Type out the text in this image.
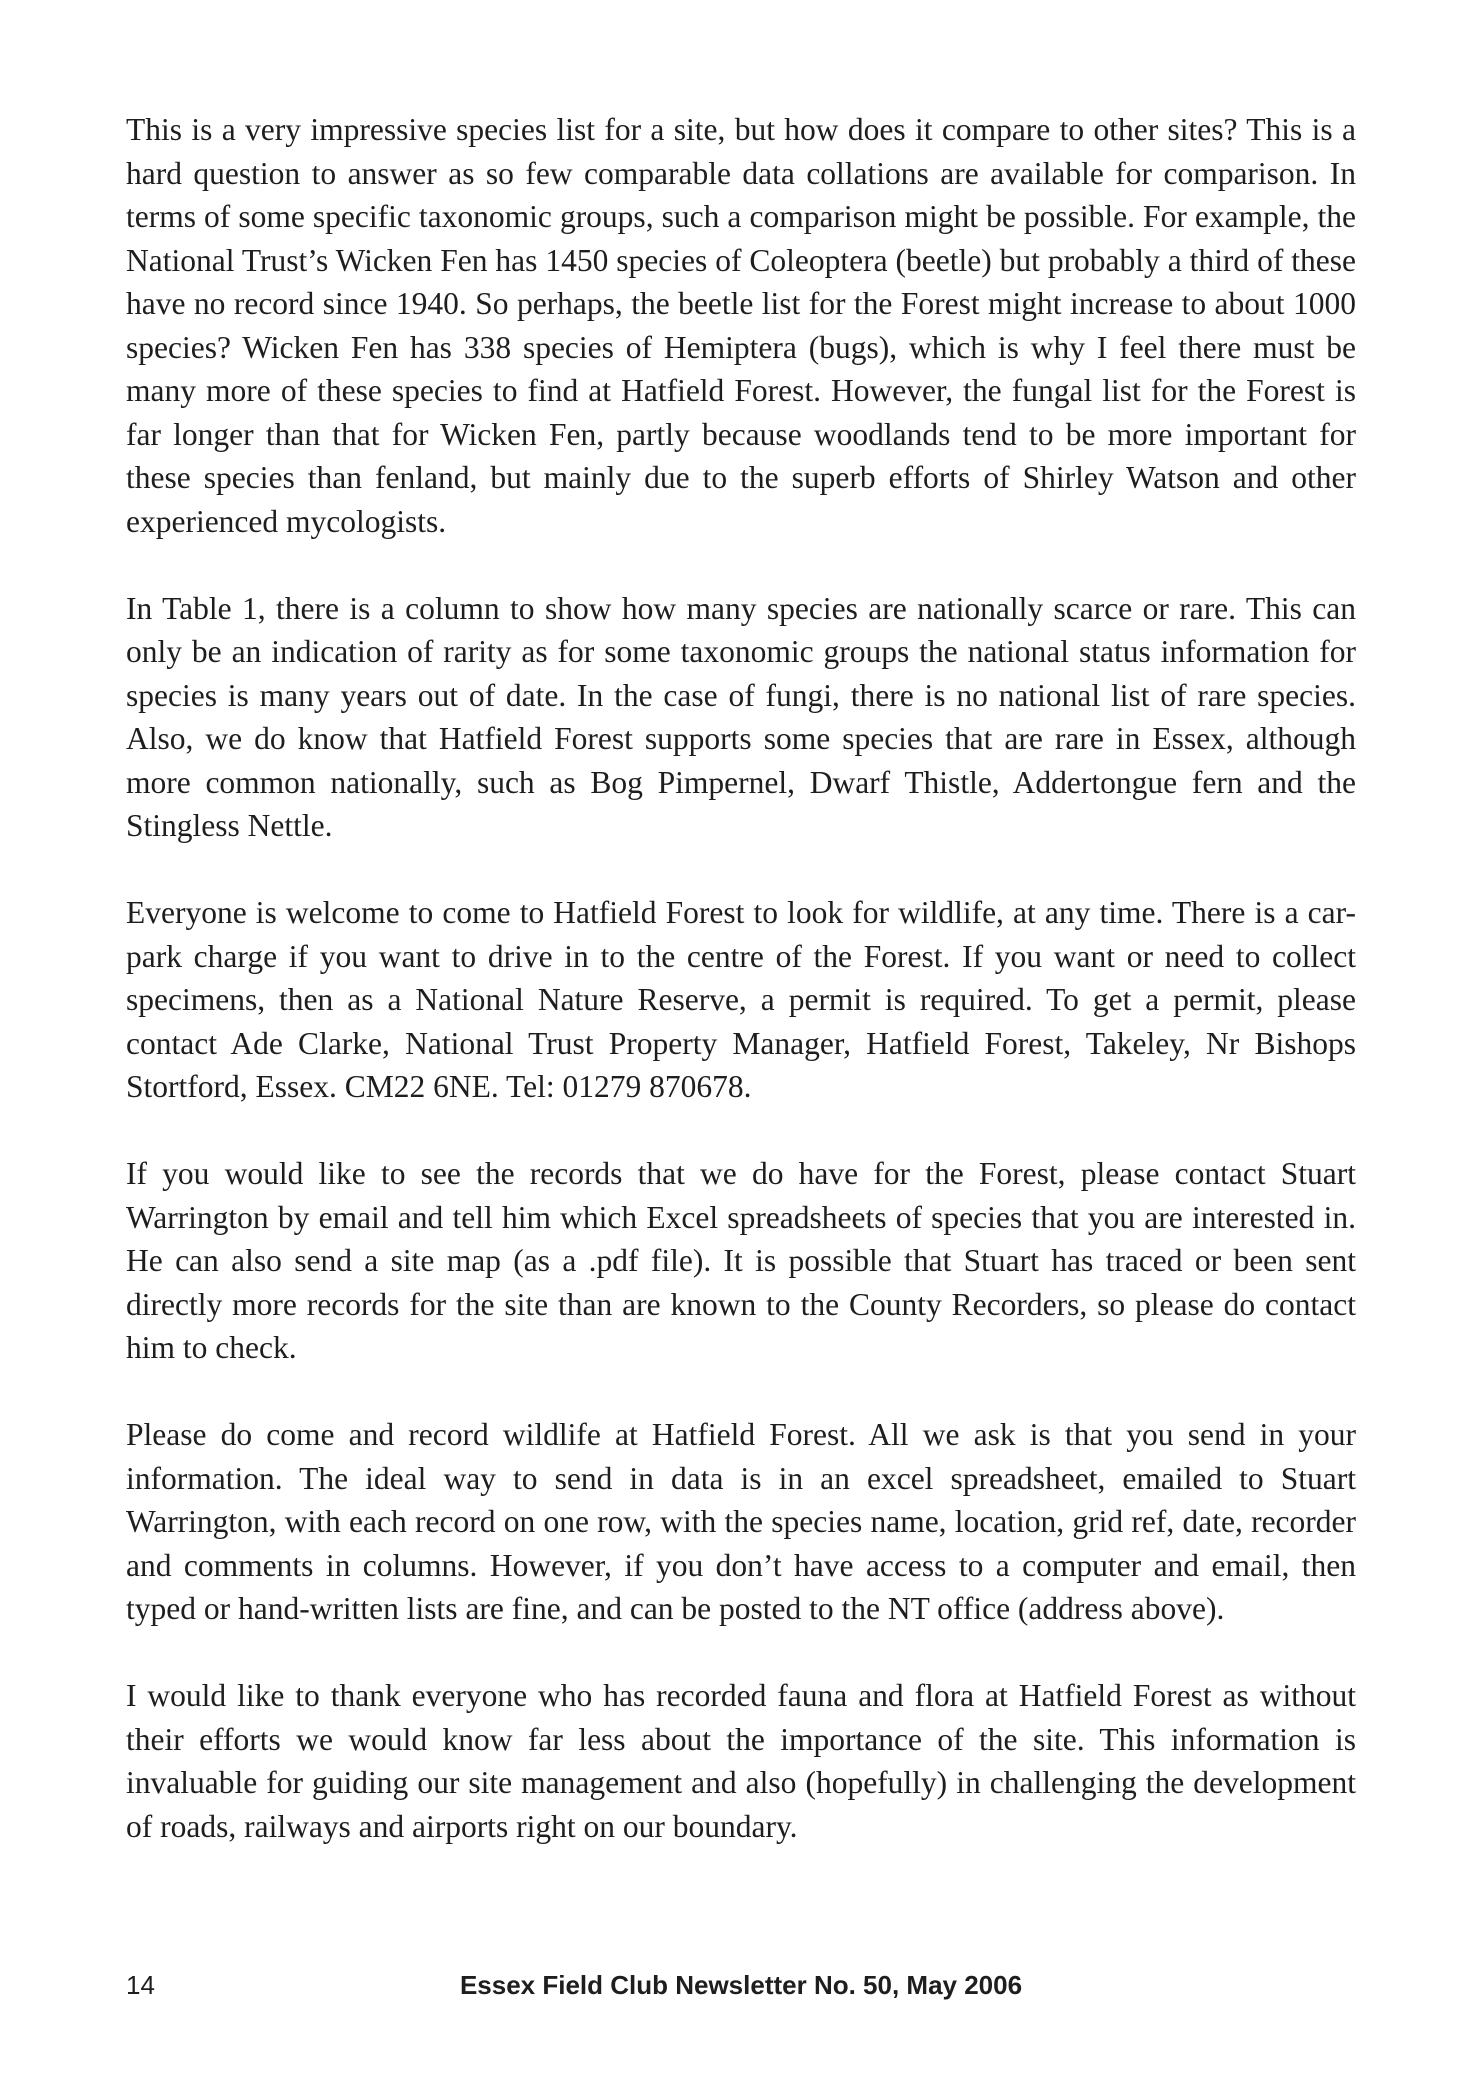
This is a very impressive species list for a site, but how does it compare to other sites? This is a hard question to answer as so few comparable data collations are available for comparison. In terms of some specific taxonomic groups, such a comparison might be possible. For example, the National Trust’s Wicken Fen has 1450 species of Coleoptera (beetle) but probably a third of these have no record since 1940. So perhaps, the beetle list for the Forest might increase to about 1000 species? Wicken Fen has 338 species of Hemiptera (bugs), which is why I feel there must be many more of these species to find at Hatfield Forest. However, the fungal list for the Forest is far longer than that for Wicken Fen, partly because woodlands tend to be more important for these species than fenland, but mainly due to the superb efforts of Shirley Watson and other experienced mycologists.

In Table 1, there is a column to show how many species are nationally scarce or rare. This can only be an indication of rarity as for some taxonomic groups the national status information for species is many years out of date. In the case of fungi, there is no national list of rare species. Also, we do know that Hatfield Forest supports some species that are rare in Essex, although more common nationally, such as Bog Pimpernel, Dwarf Thistle, Addertongue fern and the Stingless Nettle.

Everyone is welcome to come to Hatfield Forest to look for wildlife, at any time. There is a car-park charge if you want to drive in to the centre of the Forest. If you want or need to collect specimens, then as a National Nature Reserve, a permit is required. To get a permit, please contact Ade Clarke, National Trust Property Manager, Hatfield Forest, Takeley, Nr Bishops Stortford, Essex. CM22 6NE. Tel: 01279 870678.

If you would like to see the records that we do have for the Forest, please contact Stuart Warrington by email and tell him which Excel spreadsheets of species that you are interested in. He can also send a site map (as a .pdf file). It is possible that Stuart has traced or been sent directly more records for the site than are known to the County Recorders, so please do contact him to check.

Please do come and record wildlife at Hatfield Forest. All we ask is that you send in your information. The ideal way to send in data is in an excel spreadsheet, emailed to Stuart Warrington, with each record on one row, with the species name, location, grid ref, date, recorder and comments in columns. However, if you don’t have access to a computer and email, then typed or hand-written lists are fine, and can be posted to the NT office (address above).

I would like to thank everyone who has recorded fauna and flora at Hatfield Forest as without their efforts we would know far less about the importance of the site. This information is invaluable for guiding our site management and also (hopefully) in challenging the development of roads, railways and airports right on our boundary.

14	Essex Field Club Newsletter No. 50, May 2006
